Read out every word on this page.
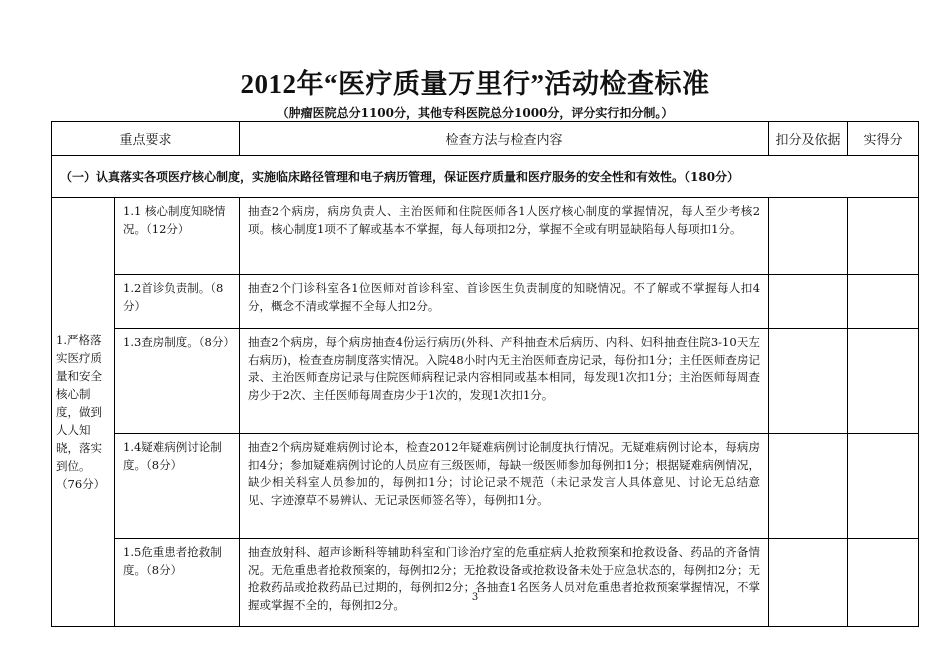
2012年“医疗质量万里行”活动检查标准
（肿瘤医院总分1100分，其他专科医院总分1000分，评分实行扣分制。）
重点要求		检查方法与检查内容	扣分及依据	实得分
（一）认真落实各项医疗核心制度，实施临床路径管理和电子病历管理，保证医疗质量和医疗服务的安全性和有效性。（180分）				
1.严格落实医疗质量和安全核心制度，做到人人知晓，落实到位。（76分）	1.1 核心制度知晓情况。（12分）	抽查2个病房，病房负责人、主治医师和住院医师各1人医疗核心制度的掌握情况，每人至少考核2项。核心制度1项不了解或基本不掌握，每人每项扣2分，掌握不全或有明显缺陷每人每项扣1分。		
	1.2首诊负责制。（8分）	抽查2个门诊科室各1位医师对首诊科室、首诊医生负责制度的知晓情况。不了解或不掌握每人扣4分，概念不清或掌握不全每人扣2分。		
	1.3查房制度。（8分）	抽查2个病房，每个病房抽查4份运行病历(外科、产科抽查术后病历、内科、妇科抽查住院3-10天左右病历)，检查查房制度落实情况。入院48小时内无主治医师查房记录，每份扣1分；主任医师查房记录、主治医师查房记录与住院医师病程记录内容相同或基本相同，每发现1次扣1分；主治医师每周查房少于2次、主任医师每周查房少于1次的，发现1次扣1分。		
	1.4疑难病例讨论制度。（8分）	抽查2个病房疑难病例讨论本，检查2012年疑难病例讨论制度执行情况。无疑难病例讨论本，每病房扣4分；参加疑难病例讨论的人员应有三级医师，每缺一级医师参加每例扣1分；根据疑难病例情况，缺少相关科室人员参加的，每例扣1分；讨论记录不规范（未记录发言人具体意见、讨论无总结意见、字迹潦草不易辨认、无记录医师签名等），每例扣1分。		
	1.5危重患者抢救制度。（8分）	抽查放射科、超声诊断科等辅助科室和门诊治疗室的危重症病人抢救预案和抢救设备、药品的齐备情况。无危重患者抢救预案的，每例扣2分；无抢救设备或抢救设备未处于应急状态的，每例扣2分；无抢救药品或抢救药品已过期的，每例扣2分；各抽查1名医务人员对危重患者抢救预案掌握情况，不掌握或掌握不全的，每例扣2分。			3
